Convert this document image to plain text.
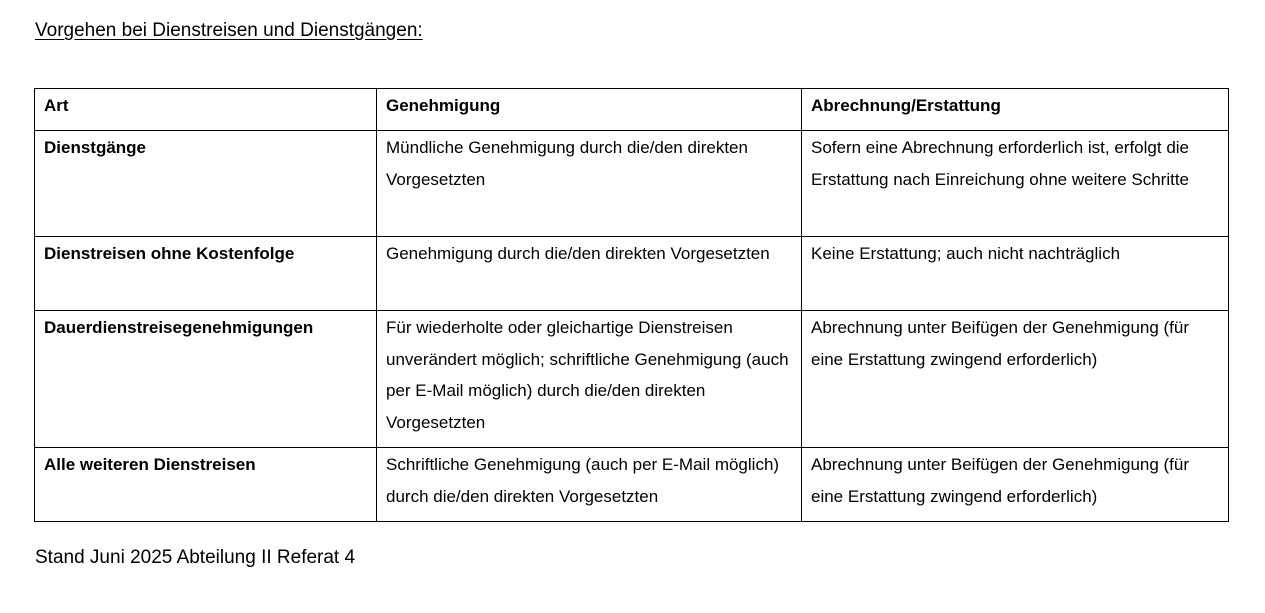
Vorgehen bei Dienstreisen und Dienstgängen:
Art	Genehmigung	Abrechnung/Erstattung
Dienstgänge	Mündliche Genehmigung durch die/den direkten Vorgesetzten	Sofern eine Abrechnung erforderlich ist, erfolgt die Erstattung nach Einreichung ohne weitere Schritte
Dienstreisen ohne Kostenfolge	Genehmigung durch die/den direkten Vorgesetzten	Keine Erstattung; auch nicht nachträglich
Dauerdienstreisegenehmigungen	Für wiederholte oder gleichartige Dienstreisen unverändert möglich; schriftliche Genehmigung (auch per E-Mail möglich) durch die/den direkten Vorgesetzten	Abrechnung unter Beifügen der Genehmigung (für eine Erstattung zwingend erforderlich)
Alle weiteren Dienstreisen	Schriftliche Genehmigung (auch per E-Mail möglich) durch die/den direkten Vorgesetzten	Abrechnung unter Beifügen der Genehmigung (für eine Erstattung zwingend erforderlich)
Stand Juni 2025 Abteilung II Referat 4
